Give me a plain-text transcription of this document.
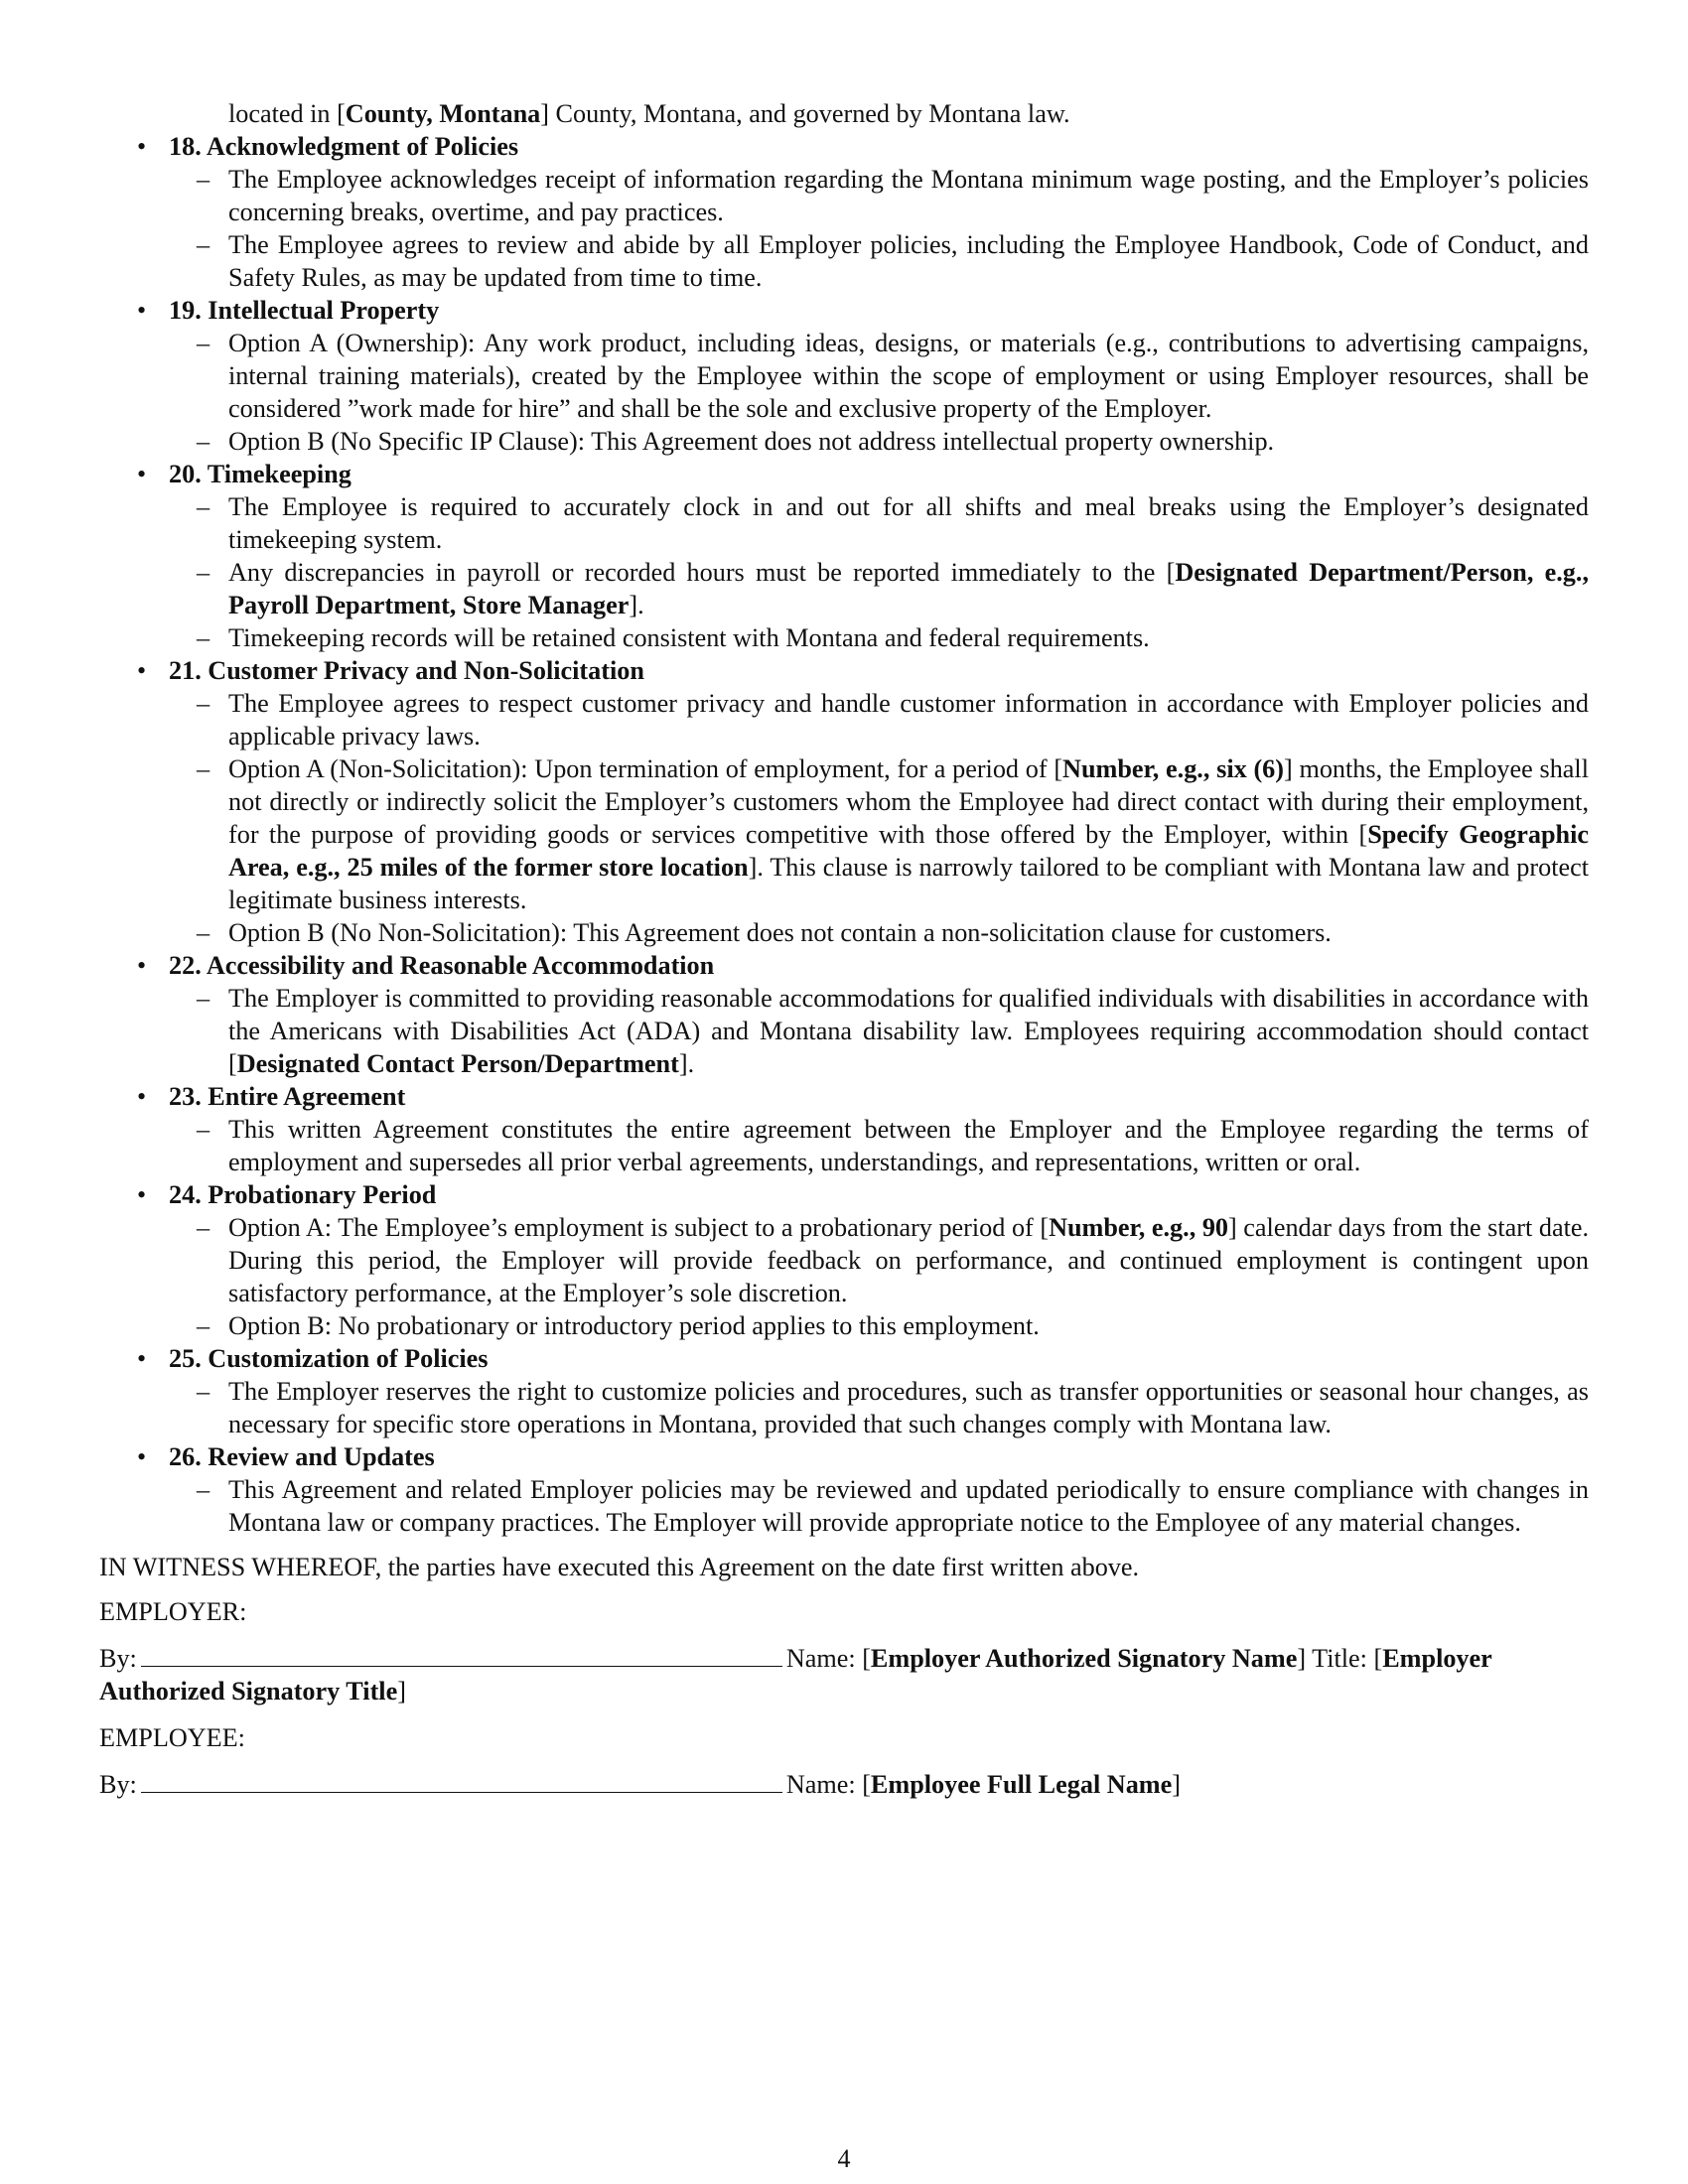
located in [County, Montana] County, Montana, and governed by Montana law.
• 18. Acknowledgment of Policies
– The Employee acknowledges receipt of information regarding the Montana minimum wage posting, and the Employer’s policies concerning breaks, overtime, and pay practices.
– The Employee agrees to review and abide by all Employer policies, including the Employee Handbook, Code of Conduct, and Safety Rules, as may be updated from time to time.
• 19. Intellectual Property
– Option A (Ownership): Any work product, including ideas, designs, or materials (e.g., contributions to advertising campaigns, internal training materials), created by the Employee within the scope of employment or using Employer resources, shall be considered ”work made for hire” and shall be the sole and exclusive property of the Employer.
– Option B (No Specific IP Clause): This Agreement does not address intellectual property ownership.
• 20. Timekeeping
– The Employee is required to accurately clock in and out for all shifts and meal breaks using the Employer’s designated timekeeping system.
– Any discrepancies in payroll or recorded hours must be reported immediately to the [Designated Department/Person, e.g., Payroll Department, Store Manager].
– Timekeeping records will be retained consistent with Montana and federal requirements.
• 21. Customer Privacy and Non-Solicitation
– The Employee agrees to respect customer privacy and handle customer information in accordance with Employer policies and applicable privacy laws.
– Option A (Non-Solicitation): Upon termination of employment, for a period of [Number, e.g., six (6)] months, the Employee shall not directly or indirectly solicit the Employer’s customers whom the Employee had direct contact with during their employment, for the purpose of providing goods or services competitive with those offered by the Employer, within [Specify Geographic Area, e.g., 25 miles of the former store location]. This clause is narrowly tailored to be compliant with Montana law and protect legitimate business interests.
– Option B (No Non-Solicitation): This Agreement does not contain a non-solicitation clause for customers.
• 22. Accessibility and Reasonable Accommodation
– The Employer is committed to providing reasonable accommodations for qualified individuals with disabilities in accordance with the Americans with Disabilities Act (ADA) and Montana disability law. Employees requiring accommodation should contact [Designated Contact Person/Department].
• 23. Entire Agreement
– This written Agreement constitutes the entire agreement between the Employer and the Employee regarding the terms of employment and supersedes all prior verbal agreements, understandings, and representations, written or oral.
• 24. Probationary Period
– Option A: The Employee’s employment is subject to a probationary period of [Number, e.g., 90] calendar days from the start date. During this period, the Employer will provide feedback on performance, and continued employment is contingent upon satisfactory performance, at the Employer’s sole discretion.
– Option B: No probationary or introductory period applies to this employment.
• 25. Customization of Policies
– The Employer reserves the right to customize policies and procedures, such as transfer opportunities or seasonal hour changes, as necessary for specific store operations in Montana, provided that such changes comply with Montana law.
• 26. Review and Updates
– This Agreement and related Employer policies may be reviewed and updated periodically to ensure compliance with changes in Montana law or company practices. The Employer will provide appropriate notice to the Employee of any material changes.
IN WITNESS WHEREOF, the parties have executed this Agreement on the date first written above.
EMPLOYER:
By:	Name: [Employer Authorized Signatory Name] Title: [Employer Authorized Signatory Title]
EMPLOYEE:
By:	Name: [Employee Full Legal Name]
4
